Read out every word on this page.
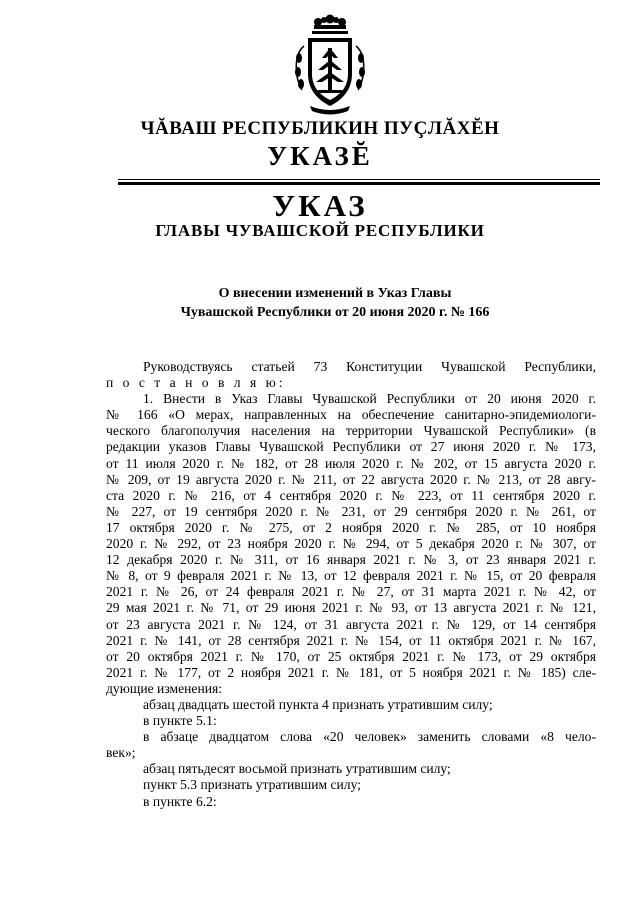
ЧĂВАШ РЕСПУБЛИКИН ПУÇЛĂХĔН
УКАЗĔ
УКАЗ
ГЛАВЫ ЧУВАШСКОЙ РЕСПУБЛИКИ
О внесении изменений в Указ Главы
Чувашской Республики от 20 июня 2020 г. № 166
Руководствуясь статьей 73 Конституции Чувашской Республики,
п о с т а н о в л я ю:
1. Внести в Указ Главы Чувашской Республики от 20 июня 2020 г.
№ 166 «О мерах, направленных на обеспечение санитарно-эпидемиологи-
ческого благополучия населения на территории Чувашской Республики» (в
редакции указов Главы Чувашской Республики от 27 июня 2020 г. № 173,
от 11 июля 2020 г. № 182, от 28 июля 2020 г. № 202, от 15 августа 2020 г.
№ 209, от 19 августа 2020 г. № 211, от 22 августа 2020 г. № 213, от 28 авгу-
ста 2020 г. № 216, от 4 сентября 2020 г. № 223, от 11 сентября 2020 г.
№ 227, от 19 сентября 2020 г. № 231, от 29 сентября 2020 г. № 261, от
17 октября 2020 г. № 275, от 2 ноября 2020 г. № 285, от 10 ноября
2020 г. № 292, от 23 ноября 2020 г. № 294, от 5 декабря 2020 г. № 307, от
12 декабря 2020 г. № 311, от 16 января 2021 г. № 3, от 23 января 2021 г.
№ 8, от 9 февраля 2021 г. № 13, от 12 февраля 2021 г. № 15, от 20 февраля
2021 г. № 26, от 24 февраля 2021 г. № 27, от 31 марта 2021 г. № 42, от
29 мая 2021 г. № 71, от 29 июня 2021 г. № 93, от 13 августа 2021 г. № 121,
от 23 августа 2021 г. № 124, от 31 августа 2021 г. № 129, от 14 сентября
2021 г. № 141, от 28 сентября 2021 г. № 154, от 11 октября 2021 г. № 167,
от 20 октября 2021 г. № 170, от 25 октября 2021 г. № 173, от 29 октября
2021 г. № 177, от 2 ноября 2021 г. № 181, от 5 ноября 2021 г. № 185) сле-
дующие изменения:
абзац двадцать шестой пункта 4 признать утратившим силу;
в пункте 5.1:
в абзаце двадцатом слова «20 человек» заменить словами «8 чело-
век»;
абзац пятьдесят восьмой признать утратившим силу;
пункт 5.3 признать утратившим силу;
в пункте 6.2:
